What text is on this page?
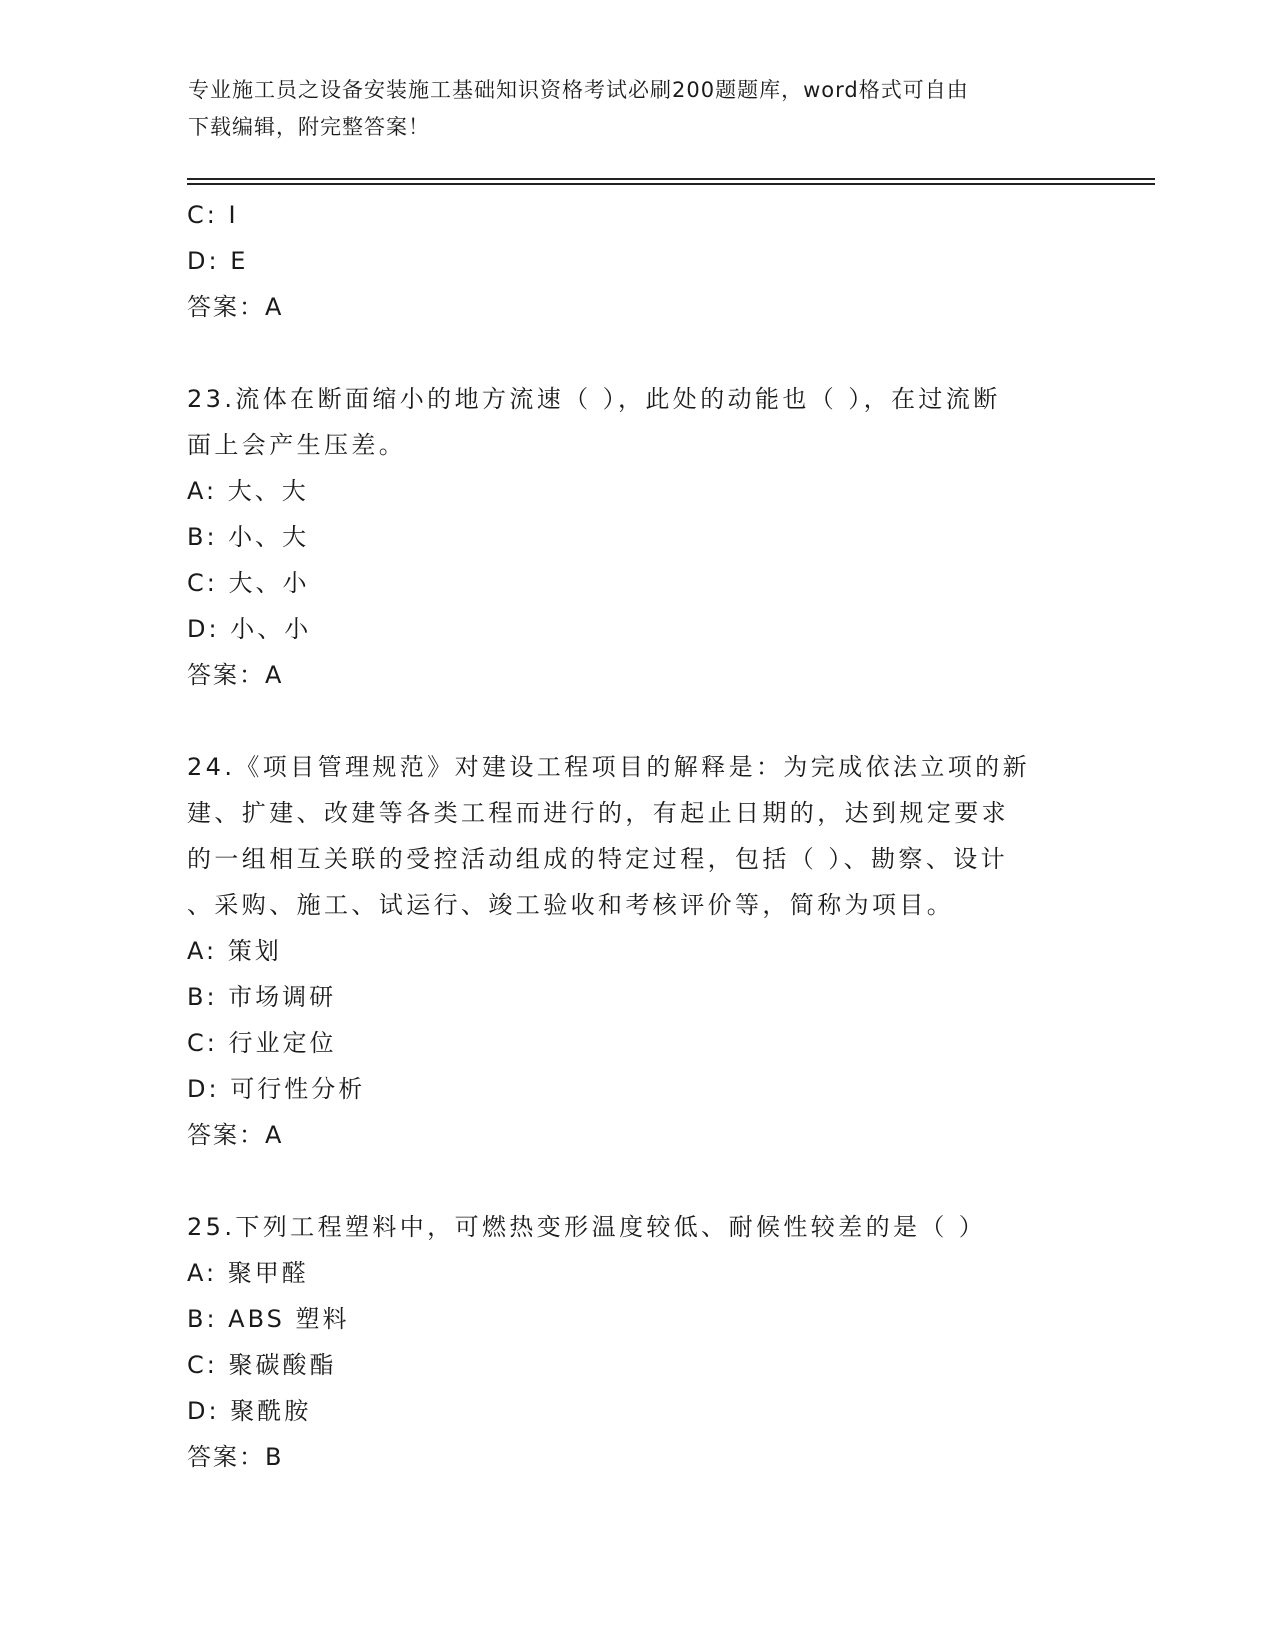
专业施工员之设备安装施工基础知识资格考试必刷200题题库，word格式可自由
下载编辑，附完整答案！
C: I
D: E
答案：A
23.流体在断面缩小的地方流速（ ），此处的动能也（ ），在过流断
面上会产生压差。
A: 大、大
B: 小、大
C: 大、小
D: 小、小
答案：A
24.《项目管理规范》对建设工程项目的解释是：为完成依法立项的新
建、扩建、改建等各类工程而进行的，有起止日期的，达到规定要求
的一组相互关联的受控活动组成的特定过程，包括（ ）、勘察、设计
、采购、施工、试运行、竣工验收和考核评价等，简称为项目。
A: 策划
B: 市场调研
C: 行业定位
D: 可行性分析
答案：A
25.下列工程塑料中，可燃热变形温度较低、耐候性较差的是（ ）
A: 聚甲醛
B: ABS 塑料
C: 聚碳酸酯
D: 聚酰胺
答案：B
